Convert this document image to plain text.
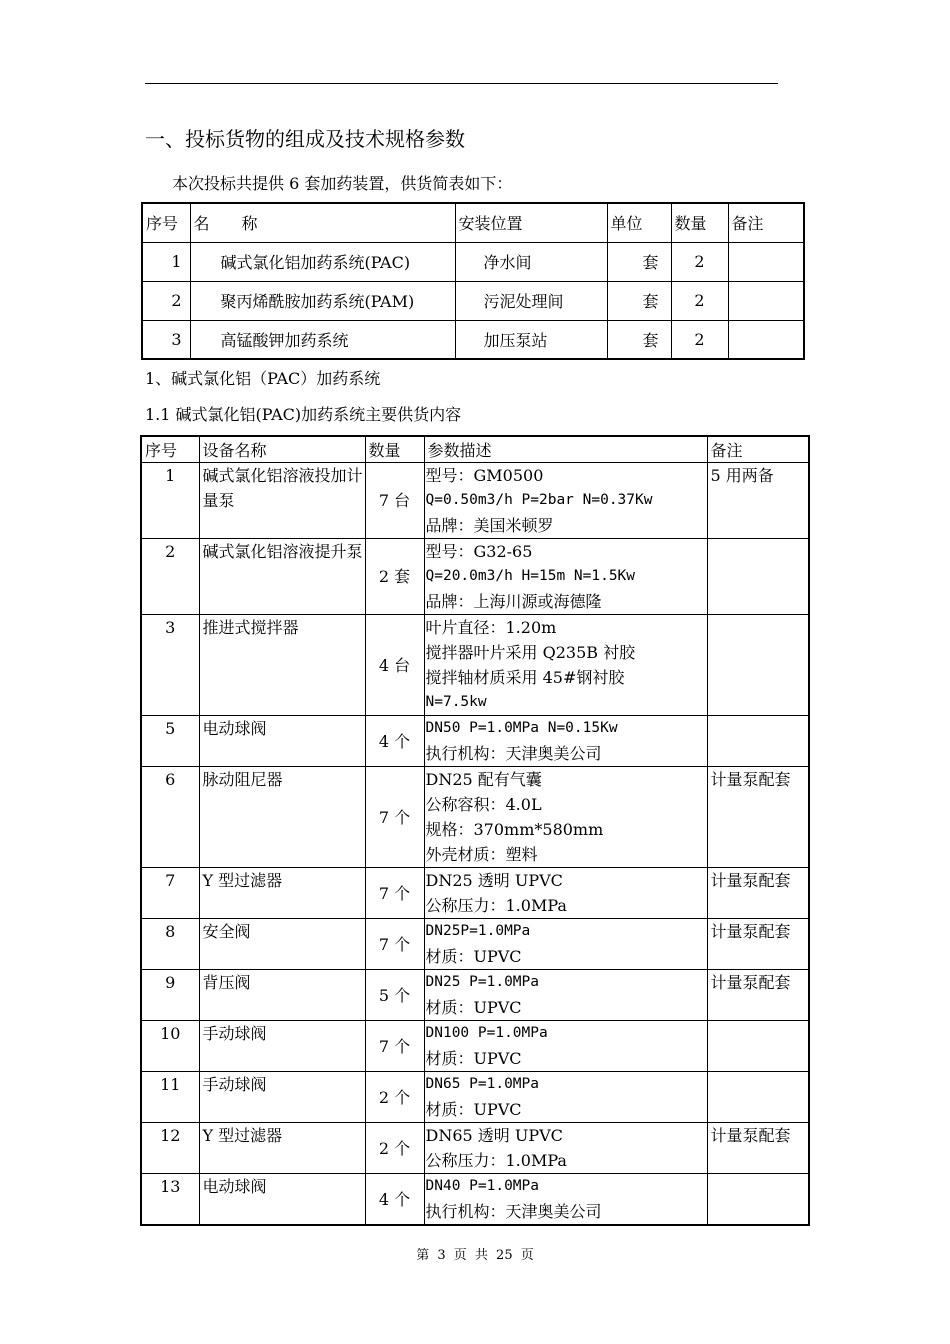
一、投标货物的组成及技术规格参数
本次投标共提供 6 套加药装置，供货简表如下：
序号	名　　称	安装位置	单位	数量	备注
1	碱式氯化铝加药系统(PAC)	净水间	套	2	
2	聚丙烯酰胺加药系统(PAM)	污泥处理间	套	2	
3	高锰酸钾加药系统	加压泵站	套	2	
1、碱式氯化铝（PAC）加药系统
1.1 碱式氯化铝(PAC)加药系统主要供货内容
序号	设备名称	数量	参数描述	备注
1	碱式氯化铝溶液投加计量泵	7 台	型号：GM0500
Q=0.50m3/h P=2bar N=0.37Kw
品牌：美国米顿罗	5 用两备
2	碱式氯化铝溶液提升泵	2 套	型号：G32-65
Q=20.0m3/h H=15m N=1.5Kw
品牌：上海川源或海德隆	

3	推进式搅拌器	4 台	叶片直径：1.20m
搅拌器叶片采用 Q235B 衬胶
搅拌轴材质采用 45#钢衬胶
N=7.5kw	

5	电动球阀	4 个	DN50 P=1.0MPa N=0.15Kw
执行机构：天津奥美公司	

6	脉动阻尼器	7 个	DN25 配有气囊
公称容积：4.0L
规格：370mm*580mm
外壳材质：塑料	计量泵配套
7	Y 型过滤器	7 个	DN25 透明 UPVC
公称压力：1.0MPa	计量泵配套
8	安全阀	7 个	DN25P=1.0MPa
材质：UPVC	计量泵配套
9	背压阀	5 个	DN25 P=1.0MPa
材质：UPVC	计量泵配套
10	手动球阀	7 个	DN100 P=1.0MPa
材质：UPVC	

11	手动球阀	2 个	DN65 P=1.0MPa
材质：UPVC	

12	Y 型过滤器	2 个	DN65 透明 UPVC
公称压力：1.0MPa	计量泵配套
13	电动球阀	4 个	DN40 P=1.0MPa
执行机构：天津奥美公司	

第 3 页 共 25 页
